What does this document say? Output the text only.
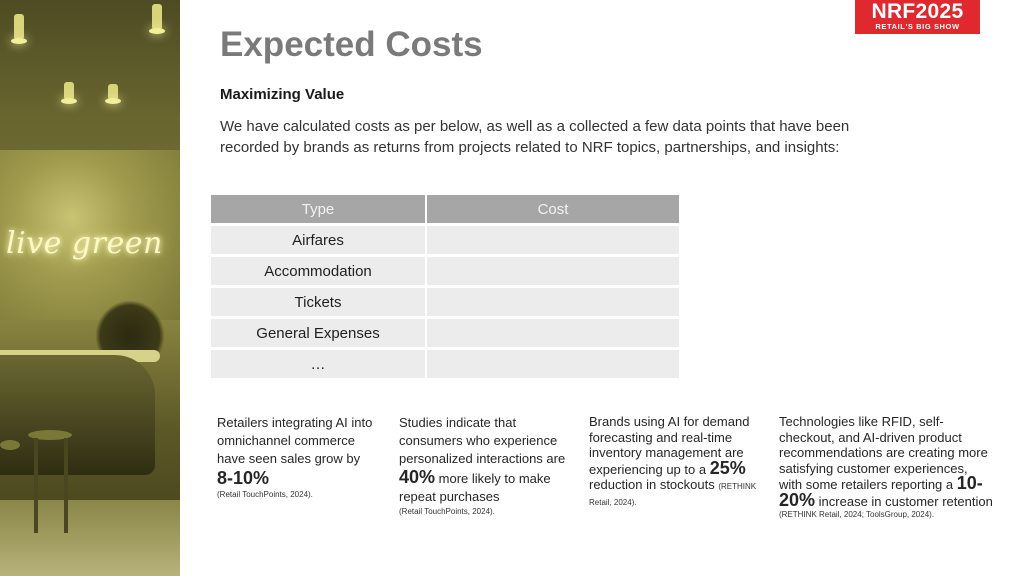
live green
NRF2025
RETAIL'S BIG SHOW
Expected Costs
Maximizing Value

We have calculated costs as per below, as well as a collected a few data points that have been recorded by brands as returns from projects related to NRF topics, partnerships, and insights:

Type	Cost
Airfares	
Accommodation	
Tickets	
General Expenses	
…	
Retailers integrating AI into omnichannel commerce have seen sales grow by
8-10%
(Retail TouchPoints, 2024).
Studies indicate that consumers who experience personalized interactions are 40% more likely to make repeat purchases
(Retail TouchPoints, 2024).
Brands using AI for demand forecasting and real-time inventory management are experiencing up to a 25% reduction in stockouts (RETHINK Retail, 2024).
Technologies like RFID, self-checkout, and AI-driven product recommendations are creating more satisfying customer experiences, with some retailers reporting a 10-20% increase in customer retention
(RETHINK Retail, 2024; ToolsGroup, 2024).
